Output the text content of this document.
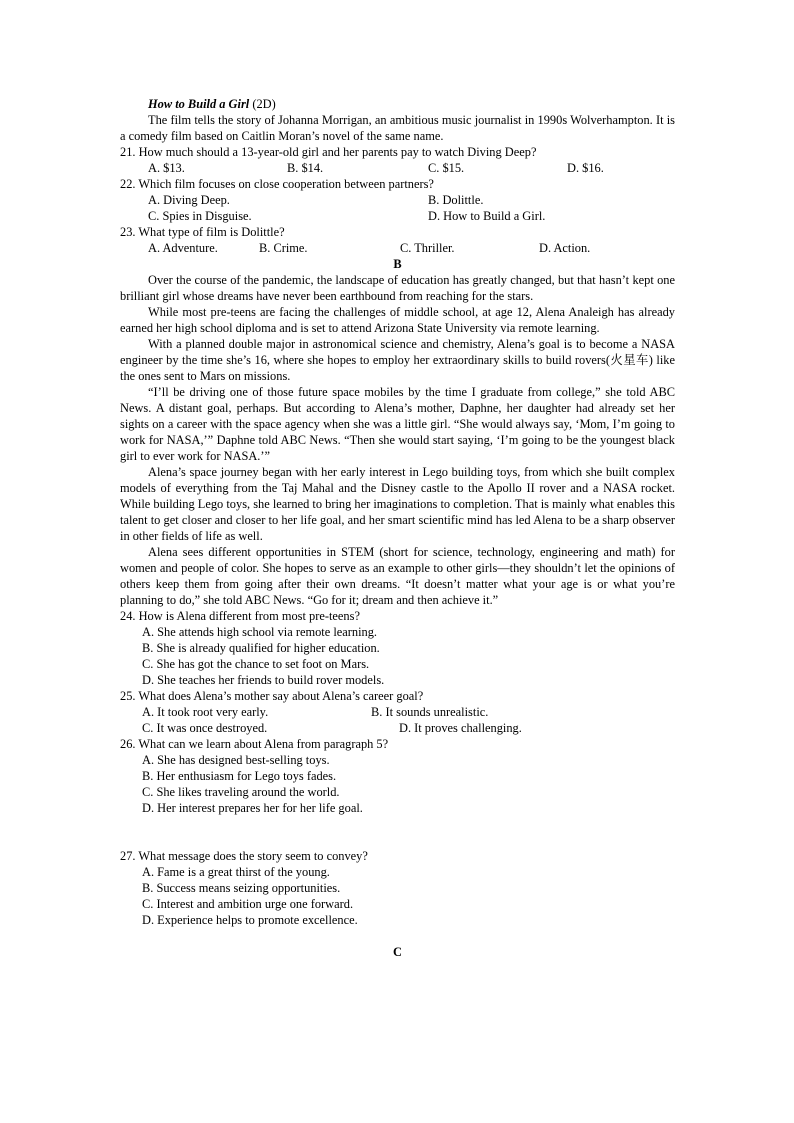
How to Build a Girl (2D)

The film tells the story of Johanna Morrigan, an ambitious music journalist in 1990s Wolverhampton. It is a comedy film based on Caitlin Moran’s novel of the same name.

21. How much should a 13-year-old girl and her parents pay to watch Diving Deep?

A. $13.	B. $14.	C. $15.	D. $16.

22. Which film focuses on close cooperation between partners?

A. Diving Deep.	B. Dolittle.
C. Spies in Disguise.	D. How to Build a Girl.

23. What type of film is Dolittle?

A. Adventure.	B. Crime.	C. Thriller.	D. Action.

B

Over the course of the pandemic, the landscape of education has greatly changed, but that hasn’t kept one brilliant girl whose dreams have never been earthbound from reaching for the stars.

While most pre-teens are facing the challenges of middle school, at age 12, Alena Analeigh has already earned her high school diploma and is set to attend Arizona State University via remote learning.

With a planned double major in astronomical science and chemistry, Alena’s goal is to become a NASA engineer by the time she’s 16, where she hopes to employ her extraordinary skills to build rovers(火星车) like the ones sent to Mars on missions.

“I’ll be driving one of those future space mobiles by the time I graduate from college,” she told ABC News. A distant goal, perhaps. But according to Alena’s mother, Daphne, her daughter had already set her sights on a career with the space agency when she was a little girl. “She would always say, ‘Mom, I’m going to work for NASA,’” Daphne told ABC News. “Then she would start saying, ‘I’m going to be the youngest black girl to ever work for NASA.’”

Alena’s space journey began with her early interest in Lego building toys, from which she built complex models of everything from the Taj Mahal and the Disney castle to the Apollo II rover and a NASA rocket. While building Lego toys, she learned to bring her imaginations to completion. That is mainly what enables this talent to get closer and closer to her life goal, and her smart scientific mind has led Alena to be a sharp observer in other fields of life as well.

Alena sees different opportunities in STEM (short for science, technology, engineering and math) for women and people of color. She hopes to serve as an example to other girls—they shouldn’t let the opinions of others keep them from going after their own dreams. “It doesn’t matter what your age is or what you’re planning to do,” she told ABC News. “Go for it; dream and then achieve it.”

24. How is Alena different from most pre-teens?

A. She attends high school via remote learning.
B. She is already qualified for higher education.
C. She has got the chance to set foot on Mars.
D. She teaches her friends to build rover models.

25. What does Alena’s mother say about Alena’s career goal?

A. It took root very early.	B. It sounds unrealistic.
C. It was once destroyed.	D. It proves challenging.

26. What can we learn about Alena from paragraph 5?

A. She has designed best-selling toys.
B. Her enthusiasm for Lego toys fades.
C. She likes traveling around the world.
D. Her interest prepares her for her life goal.

27. What message does the story seem to convey?

A. Fame is a great thirst of the young.
B. Success means seizing opportunities.
C. Interest and ambition urge one forward.
D. Experience helps to promote excellence.

C
